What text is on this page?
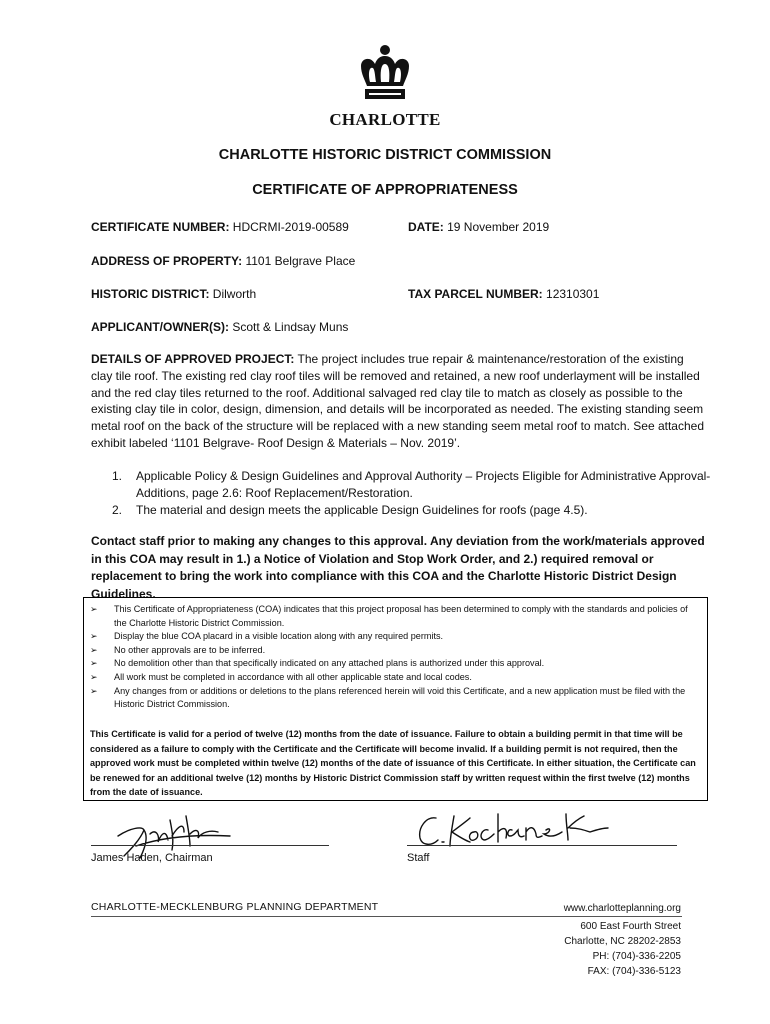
CHARLOTTE
CHARLOTTE HISTORIC DISTRICT COMMISSION
CERTIFICATE OF APPROPRIATENESS
CERTIFICATE NUMBER: HDCRMI-2019-00589	DATE: 19 November 2019
ADDRESS OF PROPERTY: 1101 Belgrave Place
HISTORIC DISTRICT: Dilworth	TAX PARCEL NUMBER: 12310301
APPLICANT/OWNER(S): Scott & Lindsay Muns
DETAILS OF APPROVED PROJECT: The project includes true repair & maintenance/restoration of the existing clay tile roof. The existing red clay roof tiles will be removed and retained, a new roof underlayment will be installed and the red clay tiles returned to the roof. Additional salvaged red clay tile to match as closely as possible to the existing clay tile in color, design, dimension, and details will be incorporated as needed. The existing standing seem metal roof on the back of the structure will be replaced with a new standing seem metal roof to match. See attached exhibit labeled ‘1101 Belgrave- Roof Design & Materials – Nov. 2019’.
1. Applicable Policy & Design Guidelines and Approval Authority – Projects Eligible for Administrative Approval- Additions, page 2.6: Roof Replacement/Restoration.
2. The material and design meets the applicable Design Guidelines for roofs (page 4.5).
Contact staff prior to making any changes to this approval. Any deviation from the work/materials approved in this COA may result in 1.) a Notice of Violation and Stop Work Order, and 2.) required removal or replacement to bring the work into compliance with this COA and the Charlotte Historic District Design Guidelines.
➢ This Certificate of Appropriateness (COA) indicates that this project proposal has been determined to comply with the standards and policies of the Charlotte Historic District Commission.
➢ Display the blue COA placard in a visible location along with any required permits.
➢ No other approvals are to be inferred.
➢ No demolition other than that specifically indicated on any attached plans is authorized under this approval.
➢ All work must be completed in accordance with all other applicable state and local codes.
➢ Any changes from or additions or deletions to the plans referenced herein will void this Certificate, and a new application must be filed with the Historic District Commission.
This Certificate is valid for a period of twelve (12) months from the date of issuance. Failure to obtain a building permit in that time will be considered as a failure to comply with the Certificate and the Certificate will become invalid. If a building permit is not required, then the approved work must be completed within twelve (12) months of the date of issuance of this Certificate. In either situation, the Certificate can be renewed for an additional twelve (12) months by Historic District Commission staff by written request within the first twelve (12) months from the date of issuance.
James Haden, Chairman	Staff
CHARLOTTE-MECKLENBURG PLANNING DEPARTMENT	www.charlotteplanning.org
600 East Fourth Street
Charlotte, NC 28202-2853
PH: (704)-336-2205
FAX: (704)-336-5123
